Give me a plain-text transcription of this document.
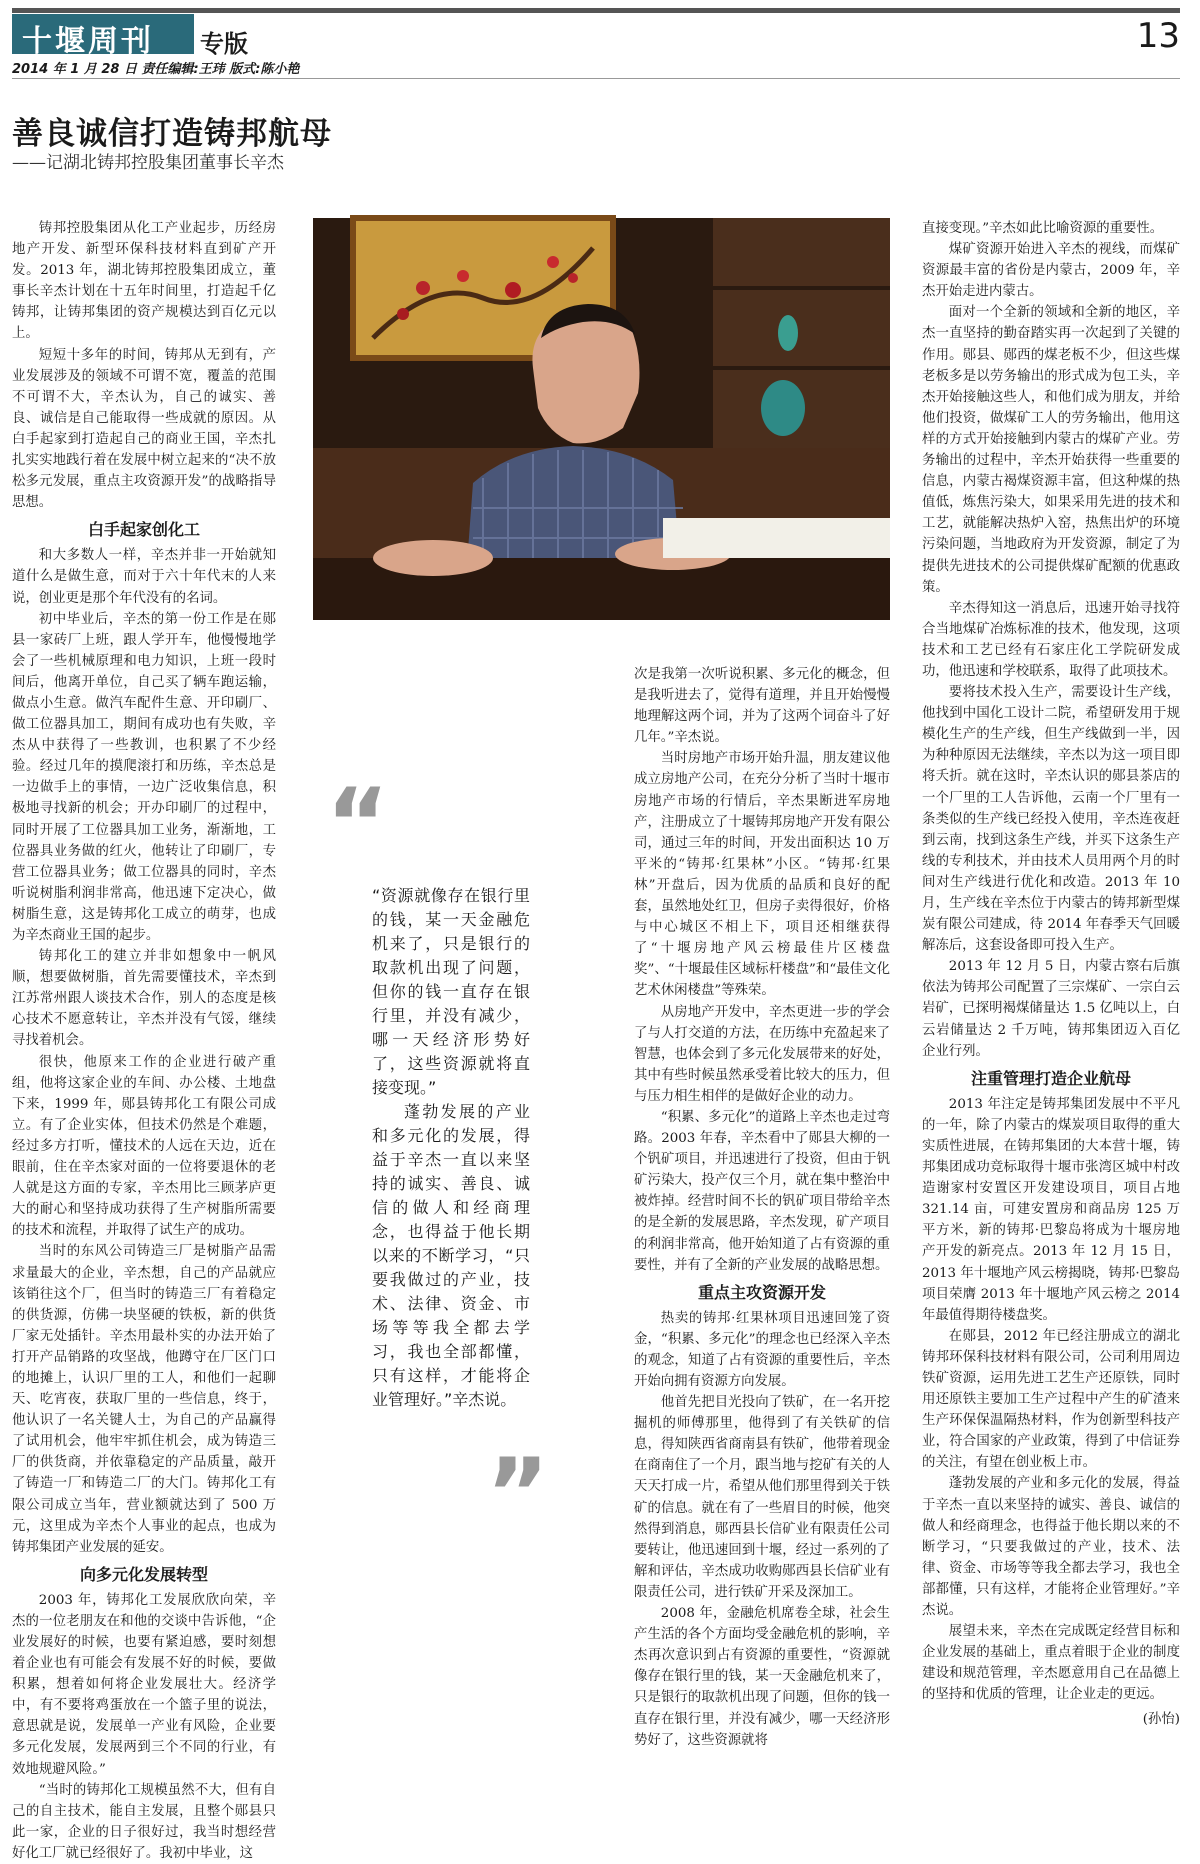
十堰周刊	专版	13
2014 年 1 月 28 日 责任编辑:王玮 版式:陈小艳
善良诚信打造铸邦航母
——记湖北铸邦控股集团董事长辛杰

铸邦控股集团从化工产业起步，历经房地产开发、新型环保科技材料直到矿产开发。2013 年，湖北铸邦控股集团成立，董事长辛杰计划在十五年时间里，打造起千亿铸邦，让铸邦集团的资产规模达到百亿元以上。

短短十多年的时间，铸邦从无到有，产业发展涉及的领域不可谓不宽，覆盖的范围不可谓不大，辛杰认为，自己的诚实、善良、诚信是自己能取得一些成就的原因。从白手起家到打造起自己的商业王国，辛杰扎扎实实地践行着在发展中树立起来的“决不放松多元发展，重点主攻资源开发”的战略指导思想。

白手起家创化工

和大多数人一样，辛杰并非一开始就知道什么是做生意，而对于六十年代末的人来说，创业更是那个年代没有的名词。

初中毕业后，辛杰的第一份工作是在郧县一家砖厂上班，跟人学开车，他慢慢地学会了一些机械原理和电力知识，上班一段时间后，他离开单位，自己买了辆车跑运输，做点小生意。做汽车配件生意、开印刷厂、做工位器具加工，期间有成功也有失败，辛杰从中获得了一些教训，也积累了不少经验。经过几年的摸爬滚打和历练，辛杰总是一边做手上的事情，一边广泛收集信息，积极地寻找新的机会；开办印刷厂的过程中，同时开展了工位器具加工业务，渐渐地，工位器具业务做的红火，他转让了印刷厂，专营工位器具业务；做工位器具的同时，辛杰听说树脂利润非常高，他迅速下定决心，做树脂生意，这是铸邦化工成立的萌芽，也成为辛杰商业王国的起步。

铸邦化工的建立并非如想象中一帆风顺，想要做树脂，首先需要懂技术，辛杰到江苏常州跟人谈技术合作，别人的态度是核心技术不愿意转让，辛杰并没有气馁，继续寻找着机会。

很快，他原来工作的企业进行破产重组，他将这家企业的车间、办公楼、土地盘下来，1999 年，郧县铸邦化工有限公司成立。有了企业实体，但技术仍然是个难题，经过多方打听，懂技术的人远在天边，近在眼前，住在辛杰家对面的一位将要退休的老人就是这方面的专家，辛杰用比三顾茅庐更大的耐心和坚持成功获得了生产树脂所需要的技术和流程，并取得了试生产的成功。

当时的东风公司铸造三厂是树脂产品需求量最大的企业，辛杰想，自己的产品就应该销往这个厂，但当时的铸造三厂有着稳定的供货源，仿佛一块坚硬的铁板，新的供货厂家无处插针。辛杰用最朴实的办法开始了打开产品销路的攻坚战，他蹲守在厂区门口的地摊上，认识厂里的工人，和他们一起聊天、吃宵夜，获取厂里的一些信息，终于，他认识了一名关键人士，为自己的产品赢得了试用机会，他牢牢抓住机会，成为铸造三厂的供货商，并依靠稳定的产品质量，敲开了铸造一厂和铸造二厂的大门。铸邦化工有限公司成立当年，营业额就达到了 500 万元，这里成为辛杰个人事业的起点，也成为铸邦集团产业发展的延安。

向多元化发展转型

2003 年，铸邦化工发展欣欣向荣，辛杰的一位老朋友在和他的交谈中告诉他，“企业发展好的时候，也要有紧迫感，要时刻想着企业也有可能会有发展不好的时候，要做积累，想着如何将企业发展壮大。经济学中，有不要将鸡蛋放在一个篮子里的说法，意思就是说，发展单一产业有风险，企业要多元化发展，发展两到三个不同的行业，有效地规避风险。”

“当时的铸邦化工规模虽然不大，但有自己的自主技术，能自主发展，且整个郧县只此一家，企业的日子很好过，我当时想经营好化工厂就已经很好了。我初中毕业，这

“

“资源就像存在银行里的钱，某一天金融危机来了，只是银行的取款机出现了问题，但你的钱一直存在银行里，并没有减少，哪一天经济形势好了，这些资源就将直接变现。”

蓬勃发展的产业和多元化的发展，得益于辛杰一直以来坚持的诚实、善良、诚信的做人和经商理念，也得益于他长期以来的不断学习，“只要我做过的产业，技术、法律、资金、市场等等我全都去学习，我也全部都懂，只有这样，才能将企业管理好。”辛杰说。

”

次是我第一次听说积累、多元化的概念，但是我听进去了，觉得有道理，并且开始慢慢地理解这两个词，并为了这两个词奋斗了好几年。”辛杰说。

当时房地产市场开始升温，朋友建议他成立房地产公司，在充分分析了当时十堰市房地产市场的行情后，辛杰果断进军房地产，注册成立了十堰铸邦房地产开发有限公司，通过三年的时间，开发出面积达 10 万平米的“铸邦·红果林”小区。“铸邦·红果林”开盘后，因为优质的品质和良好的配套，虽然地处红卫，但房子卖得很好，价格与中心城区不相上下，项目还相继获得了“十堰房地产风云榜最佳片区楼盘奖”、“十堰最佳区域标杆楼盘”和“最佳文化艺术休闲楼盘”等殊荣。

从房地产开发中，辛杰更进一步的学会了与人打交道的方法，在历练中充盈起来了智慧，也体会到了多元化发展带来的好处，其中有些时候虽然承受着比较大的压力，但与压力相生相伴的是做好企业的动力。

“积累、多元化”的道路上辛杰也走过弯路。2003 年春，辛杰看中了郧县大柳的一个钒矿项目，并迅速进行了投资，但由于钒矿污染大，投产仅三个月，就在集中整治中被炸掉。经营时间不长的钒矿项目带给辛杰的是全新的发展思路，辛杰发现，矿产项目的利润非常高，他开始知道了占有资源的重要性，并有了全新的产业发展的战略思想。

重点主攻资源开发

热卖的铸邦·红果林项目迅速回笼了资金，“积累、多元化”的理念也已经深入辛杰的观念，知道了占有资源的重要性后，辛杰开始向拥有资源方向发展。

他首先把目光投向了铁矿，在一名开挖掘机的师傅那里，他得到了有关铁矿的信息，得知陕西省商南县有铁矿，他带着现金在商南住了一个月，跟当地与挖矿有关的人天天打成一片，希望从他们那里得到关于铁矿的信息。就在有了一些眉目的时候，他突然得到消息，郧西县长信矿业有限责任公司要转让，他迅速回到十堰，经过一系列的了解和评估，辛杰成功收购郧西县长信矿业有限责任公司，进行铁矿开采及深加工。

2008 年，金融危机席卷全球，社会生产生活的各个方面均受金融危机的影响，辛杰再次意识到占有资源的重要性，“资源就像存在银行里的钱，某一天金融危机来了，只是银行的取款机出现了问题，但你的钱一直存在银行里，并没有减少，哪一天经济形势好了，这些资源就将

直接变现。”辛杰如此比喻资源的重要性。

煤矿资源开始进入辛杰的视线，而煤矿资源最丰富的省份是内蒙古，2009 年，辛杰开始走进内蒙古。

面对一个全新的领域和全新的地区，辛杰一直坚持的勤奋踏实再一次起到了关键的作用。郧县、郧西的煤老板不少，但这些煤老板多是以劳务输出的形式成为包工头，辛杰开始接触这些人，和他们成为朋友，并给他们投资，做煤矿工人的劳务输出，他用这样的方式开始接触到内蒙古的煤矿产业。劳务输出的过程中，辛杰开始获得一些重要的信息，内蒙古褐煤资源丰富，但这种煤的热值低，炼焦污染大，如果采用先进的技术和工艺，就能解决热炉入窑，热焦出炉的环境污染问题，当地政府为开发资源，制定了为提供先进技术的公司提供煤矿配额的优惠政策。

辛杰得知这一消息后，迅速开始寻找符合当地煤矿冶炼标准的技术，他发现，这项技术和工艺已经有石家庄化工学院研发成功，他迅速和学校联系，取得了此项技术。

要将技术投入生产，需要设计生产线，他找到中国化工设计二院，希望研发用于规模化生产的生产线，但生产线做到一半，因为种种原因无法继续，辛杰以为这一项目即将夭折。就在这时，辛杰认识的郧县茶店的一个厂里的工人告诉他，云南一个厂里有一条类似的生产线已经投入使用，辛杰连夜赶到云南，找到这条生产线，并买下这条生产线的专利技术，并由技术人员用两个月的时间对生产线进行优化和改造。2013 年 10 月，生产线在辛杰位于内蒙古的铸邦新型煤炭有限公司建成，待 2014 年春季天气回暖解冻后，这套设备即可投入生产。

2013 年 12 月 5 日，内蒙古察右后旗依法为铸邦公司配置了三宗煤矿、一宗白云岩矿，已探明褐煤储量达 1.5 亿吨以上，白云岩储量达 2 千万吨，铸邦集团迈入百亿企业行列。

注重管理打造企业航母

2013 年注定是铸邦集团发展中不平凡的一年，除了内蒙古的煤炭项目取得的重大实质性进展，在铸邦集团的大本营十堰，铸邦集团成功竞标取得十堰市张湾区城中村改造谢家村安置区开发建设项目，项目占地 321.14 亩，可建安置房和商品房 125 万平方米，新的铸邦·巴黎岛将成为十堰房地产开发的新亮点。2013 年 12 月 15 日，2013 年十堰地产风云榜揭晓，铸邦·巴黎岛项目荣膺 2013 年十堰地产风云榜之 2014 年最值得期待楼盘奖。

在郧县，2012 年已经注册成立的湖北铸邦环保科技材料有限公司，公司利用周边铁矿资源，运用先进工艺生产还原铁，同时用还原铁主要加工生产过程中产生的矿渣来生产环保保温隔热材料，作为创新型科技产业，符合国家的产业政策，得到了中信证券的关注，有望在创业板上市。

蓬勃发展的产业和多元化的发展，得益于辛杰一直以来坚持的诚实、善良、诚信的做人和经商理念，也得益于他长期以来的不断学习，“只要我做过的产业，技术、法律、资金、市场等等我全都去学习，我也全部都懂，只有这样，才能将企业管理好。”辛杰说。

展望未来，辛杰在完成既定经营目标和企业发展的基础上，重点着眼于企业的制度建设和规范管理，辛杰愿意用自己在品德上的坚持和优质的管理，让企业走的更远。

(孙怡)
